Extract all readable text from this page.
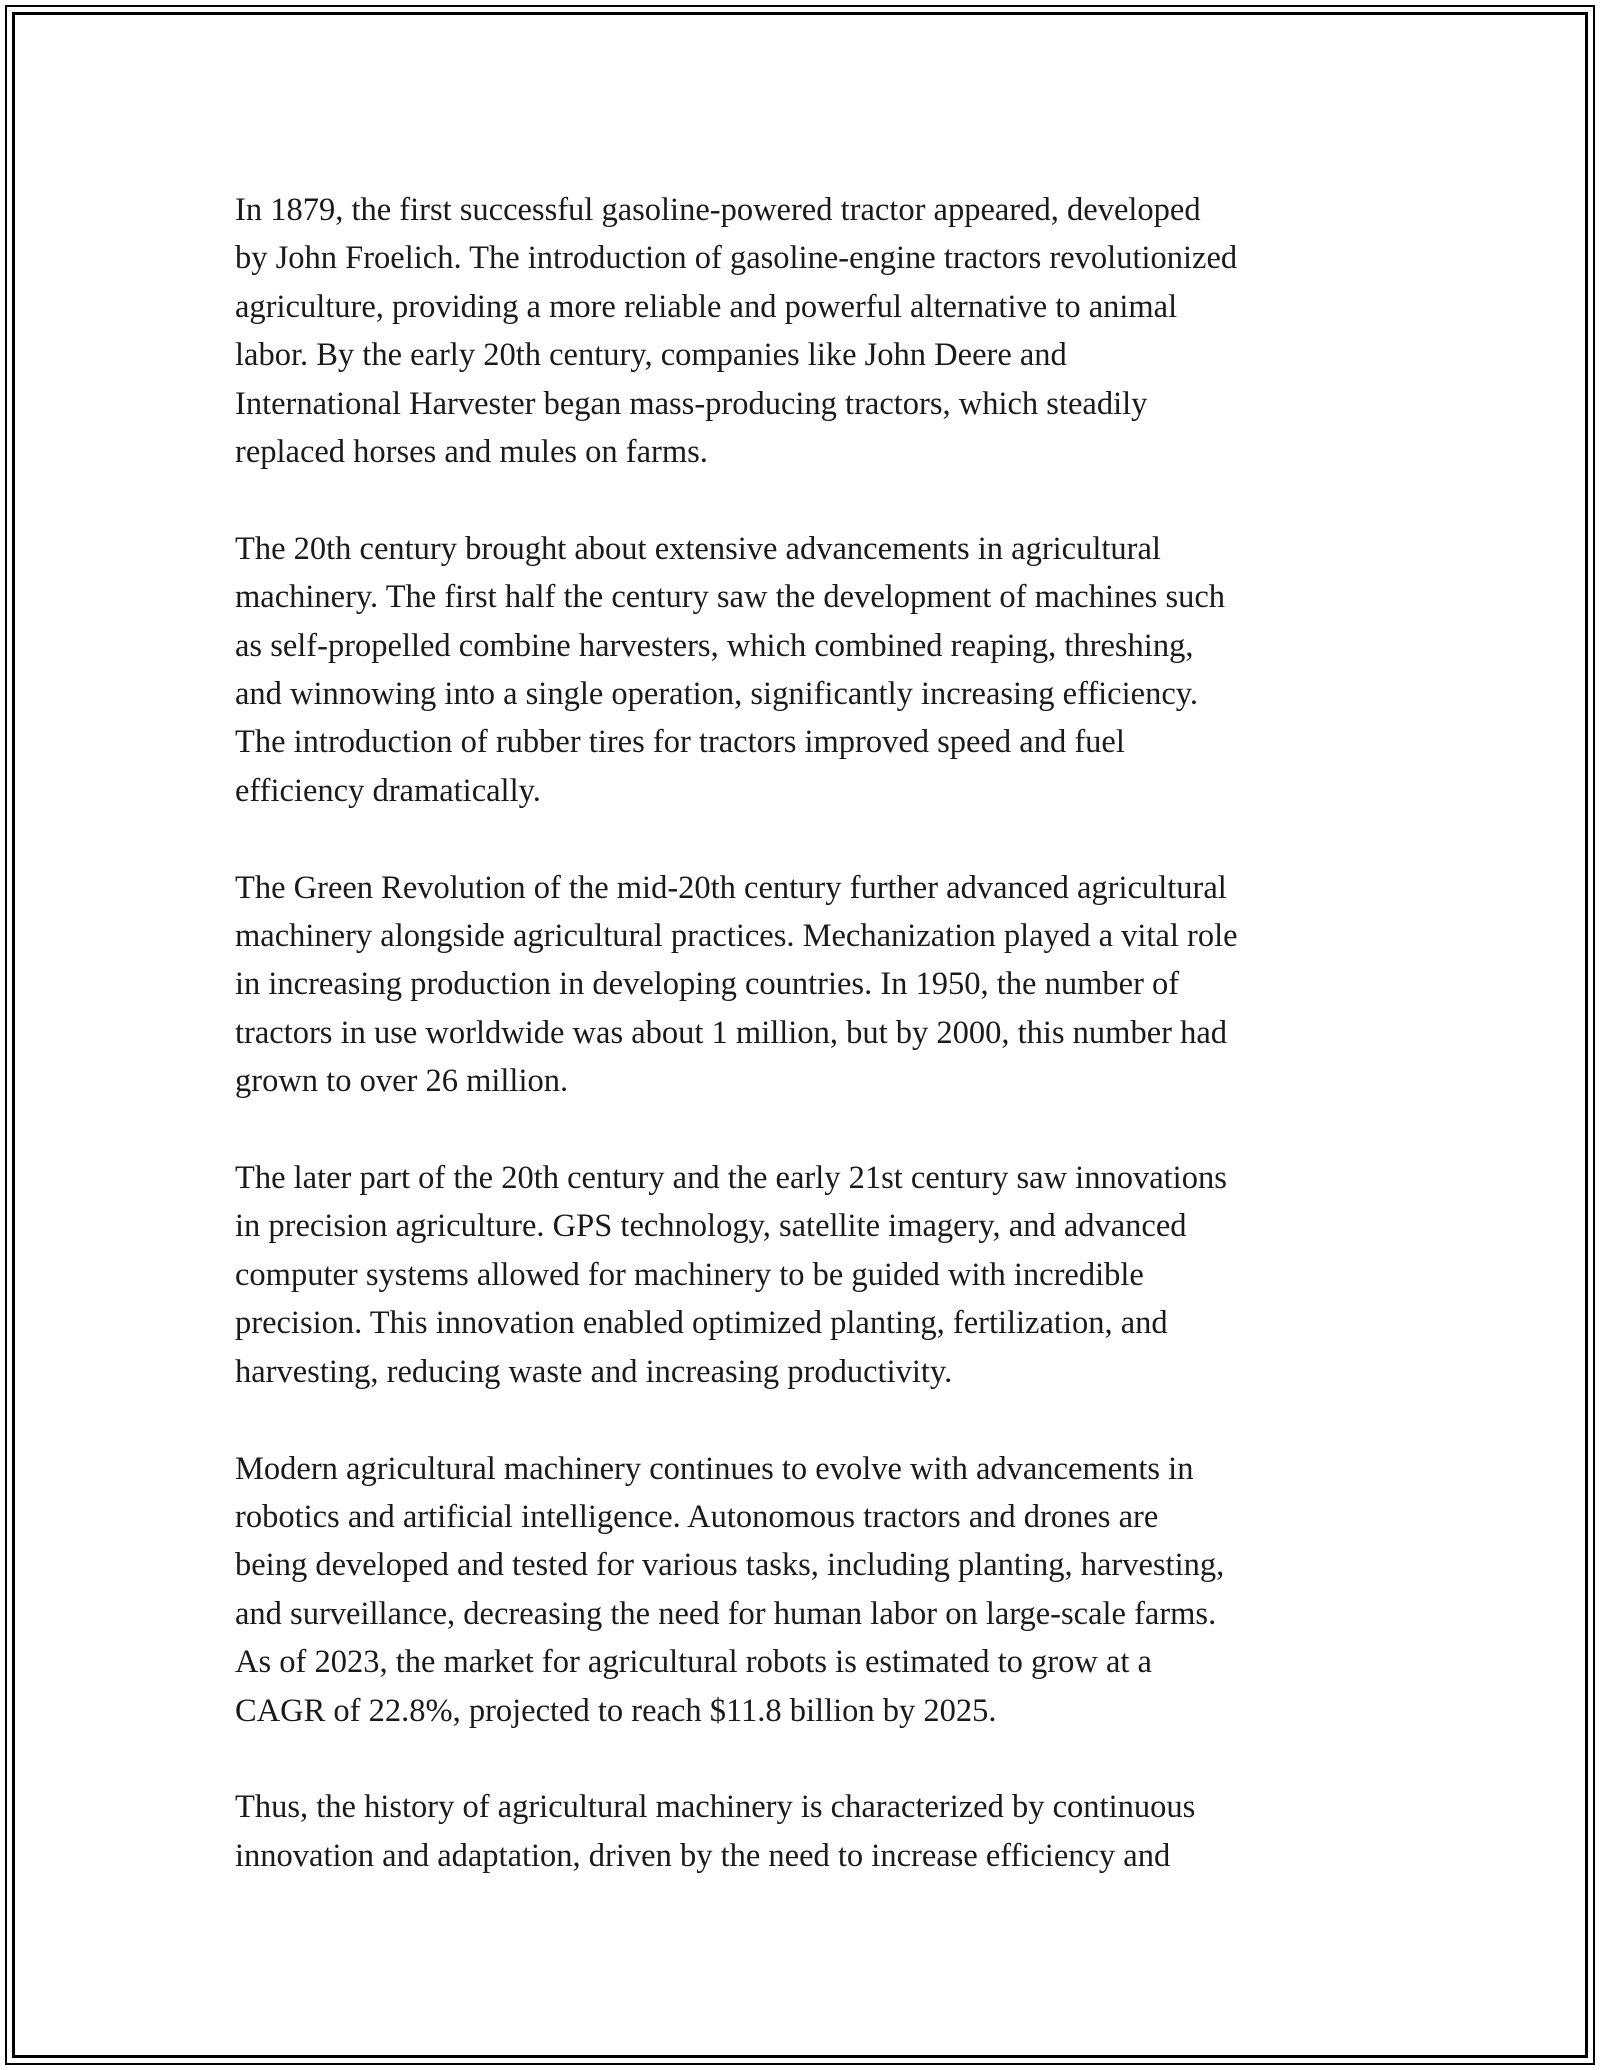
In 1879, the first successful gasoline-powered tractor appeared, developed
by John Froelich. The introduction of gasoline-engine tractors revolutionized
agriculture, providing a more reliable and powerful alternative to animal
labor. By the early 20th century, companies like John Deere and
International Harvester began mass-producing tractors, which steadily
replaced horses and mules on farms.

The 20th century brought about extensive advancements in agricultural
machinery. The first half the century saw the development of machines such
as self-propelled combine harvesters, which combined reaping, threshing,
and winnowing into a single operation, significantly increasing efficiency.
The introduction of rubber tires for tractors improved speed and fuel
efficiency dramatically.

The Green Revolution of the mid-20th century further advanced agricultural
machinery alongside agricultural practices. Mechanization played a vital role
in increasing production in developing countries. In 1950, the number of
tractors in use worldwide was about 1 million, but by 2000, this number had
grown to over 26 million.

The later part of the 20th century and the early 21st century saw innovations
in precision agriculture. GPS technology, satellite imagery, and advanced
computer systems allowed for machinery to be guided with incredible
precision. This innovation enabled optimized planting, fertilization, and
harvesting, reducing waste and increasing productivity.

Modern agricultural machinery continues to evolve with advancements in
robotics and artificial intelligence. Autonomous tractors and drones are
being developed and tested for various tasks, including planting, harvesting,
and surveillance, decreasing the need for human labor on large-scale farms.
As of 2023, the market for agricultural robots is estimated to grow at a
CAGR of 22.8%, projected to reach $11.8 billion by 2025.

Thus, the history of agricultural machinery is characterized by continuous
innovation and adaptation, driven by the need to increase efficiency and
